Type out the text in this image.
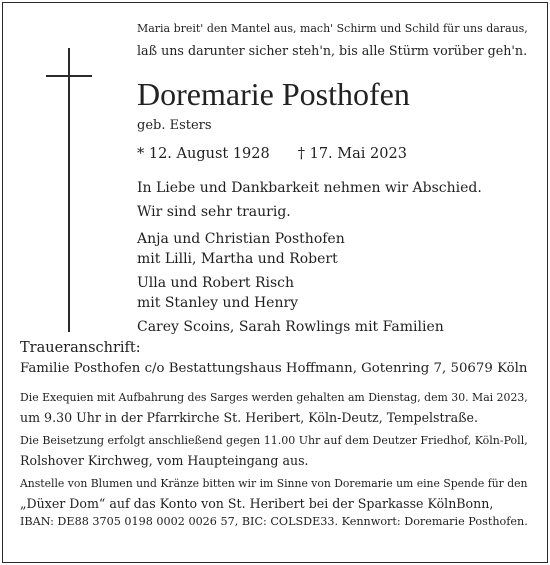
Maria breit' den Mantel aus, mach' Schirm und Schild für uns daraus,
laß uns darunter sicher steh'n, bis alle Stürm vorüber geh'n.
Doremarie Posthofen
geb. Esters
* 12. August 1928 † 17. Mai 2023
In Liebe und Dankbarkeit nehmen wir Abschied.
Wir sind sehr traurig.
Anja und Christian Posthofen
mit Lilli, Martha und Robert
Ulla und Robert Risch
mit Stanley und Henry
Carey Scoins, Sarah Rowlings mit Familien
Traueranschrift:
Familie Posthofen c/o Bestattungshaus Hoffmann, Gotenring 7, 50679 Köln
Die Exequien mit Aufbahrung des Sarges werden gehalten am Dienstag, dem 30. Mai 2023,
um 9.30 Uhr in der Pfarrkirche St. Heribert, Köln-Deutz, Tempelstraße.
Die Beisetzung erfolgt anschließend gegen 11.00 Uhr auf dem Deutzer Friedhof, Köln-Poll,
Rolshover Kirchweg, vom Haupteingang aus.
Anstelle von Blumen und Kränze bitten wir im Sinne von Doremarie um eine Spende für den
„Düxer Dom“ auf das Konto von St. Heribert bei der Sparkasse KölnBonn,
IBAN: DE88 3705 0198 0002 0026 57, BIC: COLSDE33. Kennwort: Doremarie Posthofen.
